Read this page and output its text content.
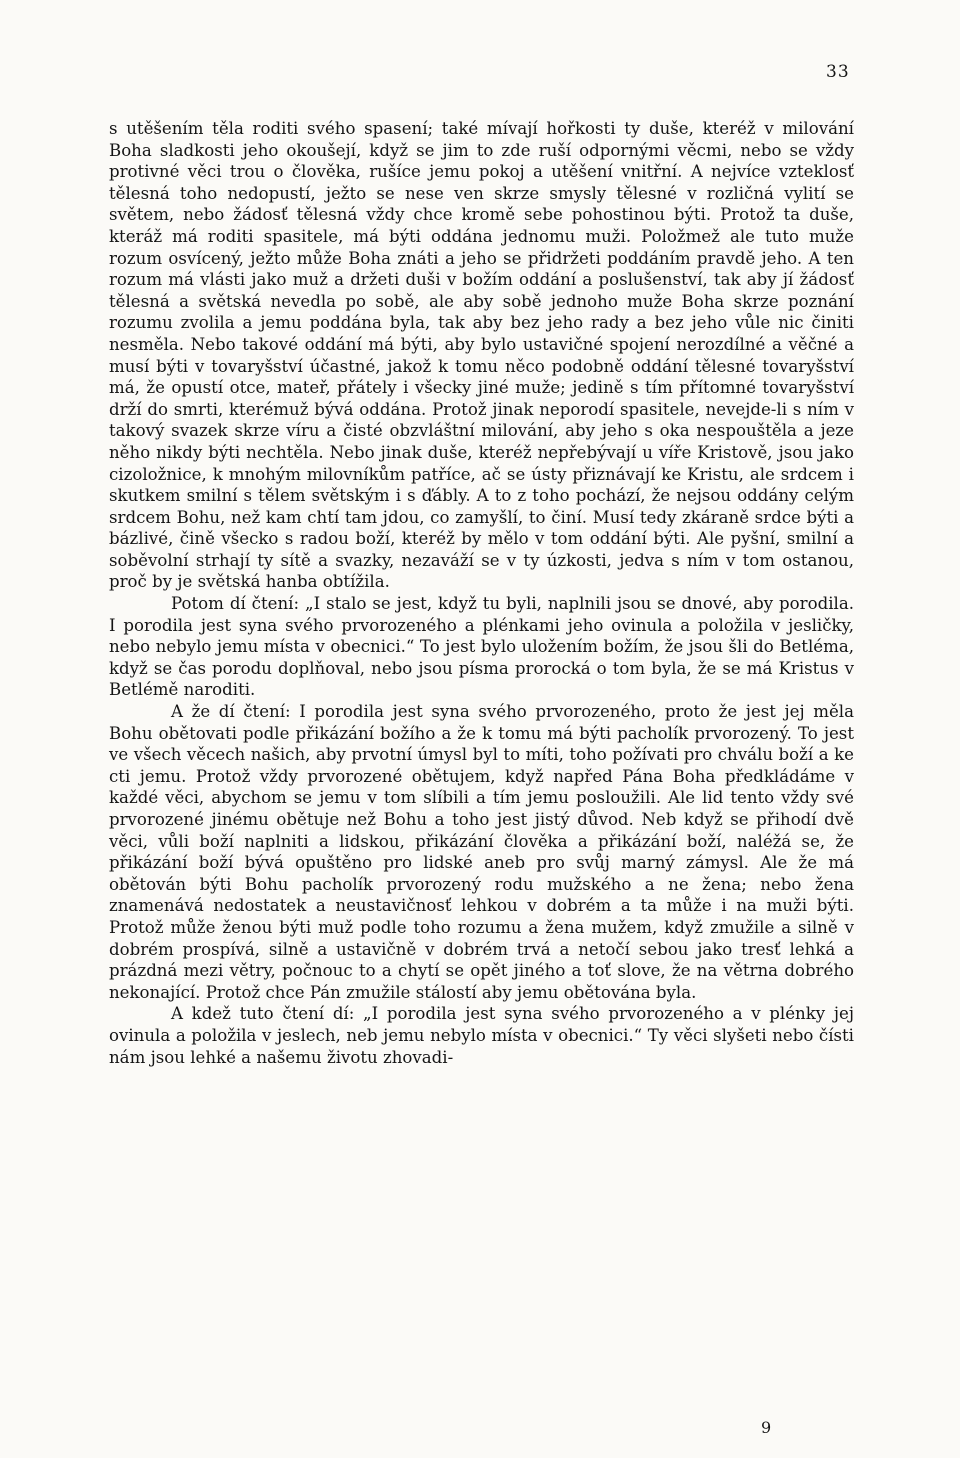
33

s utěšením těla roditi svého spasení; také mívají hořkosti ty duše, kteréž v milování Boha sladkosti jeho okoušejí, když se jim to zde ruší odpornými věcmi, nebo se vždy protivné věci trou o člověka, rušíce jemu pokoj a utěšení vnitřní. A nejvíce vzteklosť tělesná toho nedopustí, ježto se nese ven skrze smysly tělesné v rozličná vylití se světem, nebo žádosť tělesná vždy chce kromě sebe pohostinou býti. Protož ta duše, kteráž má roditi spasitele, má býti oddána jednomu muži. Položmež ale tuto muže rozum osvícený, ježto může Boha znáti a jeho se přidržeti poddáním pravdě jeho. A ten rozum má vlásti jako muž a držeti duši v božím oddání a poslušenství, tak aby jí žádosť tělesná a světská nevedla po sobě, ale aby sobě jednoho muže Boha skrze poznání rozumu zvolila a jemu poddána byla, tak aby bez jeho rady a bez jeho vůle nic činiti nesměla. Nebo takové oddání má býti, aby bylo ustavičné spojení nerozdílné a věčné a musí býti v tovaryšství účastné, jakož k tomu něco podobně oddání tělesné tovaryšství má, že opustí otce, mateř, přátely i všecky jiné muže; jedině s tím přítomné tovaryšství drží do smrti, kterémuž bývá oddána. Protož jinak neporodí spasitele, nevejde-li s ním v takový svazek skrze víru a čisté obzvláštní milování, aby jeho s oka nespouštěla a jeze něho nikdy býti nechtěla. Nebo jinak duše, kteréž nepřebývají u víře Kristově, jsou jako cizoložnice, k mnohým milovníkům patříce, ač se ústy přiznávají ke Kristu, ale srdcem i skutkem smilní s tělem světským i s ďábly. A to z toho pochází, že nejsou oddány celým srdcem Bohu, než kam chtí tam jdou, co zamyšlí, to činí. Musí tedy zkáraně srdce býti a bázlivé, čině všecko s radou boží, kteréž by mělo v tom oddání býti. Ale pyšní, smilní a soběvolní strhají ty sítě a svazky, nezaváží se v ty úzkosti, jedva s ním v tom ostanou, proč by je světská hanba obtížila.

Potom dí čtení: „I stalo se jest, když tu byli, naplnili jsou se dnové, aby porodila. I porodila jest syna svého prvorozeného a plénkami jeho ovinula a položila v jesličky, nebo nebylo jemu místa v obecnici.“ To jest bylo uložením božím, že jsou šli do Betléma, když se čas porodu doplňoval, nebo jsou písma prorocká o tom byla, že se má Kristus v Betlémě naroditi.

A že dí čtení: I porodila jest syna svého prvorozeného, proto že jest jej měla Bohu obětovati podle přikázání božího a že k tomu má býti pacholík prvorozený. To jest ve všech věcech našich, aby prvotní úmysl byl to míti, toho požívati pro chválu boží a ke cti jemu. Protož vždy prvorozené obětujem, když napřed Pána Boha předkládáme v každé věci, abychom se jemu v tom slíbili a tím jemu posloužili. Ale lid tento vždy své prvorozené jinému obětuje než Bohu a toho jest jistý důvod. Neb když se přihodí dvě věci, vůli boží naplniti a lidskou, přikázání člověka a přikázání boží, naléžá se, že přikázání boží bývá opuštěno pro lidské aneb pro svůj marný zámysl. Ale že má obětován býti Bohu pacholík prvorozený rodu mužského a ne žena; nebo žena znamenává nedostatek a neustavičnosť lehkou v dobrém a ta může i na muži býti. Protož může ženou býti muž podle toho rozumu a žena mužem, když zmužile a silně v dobrém prospívá, silně a ustavičně v dobrém trvá a netočí sebou jako tresť lehká a prázdná mezi větry, počnouc to a chytí se opět jiného a toť slove, že na větrna dobrého nekonající. Protož chce Pán zmužile stálostí aby jemu obětována byla.

A kdež tuto čtení dí: „I porodila jest syna svého prvorozeného a v plénky jej ovinula a položila v jeslech, neb jemu nebylo místa v obecnici.“ Ty věci slyšeti nebo čísti nám jsou lehké a našemu životu zhovadi-

9
